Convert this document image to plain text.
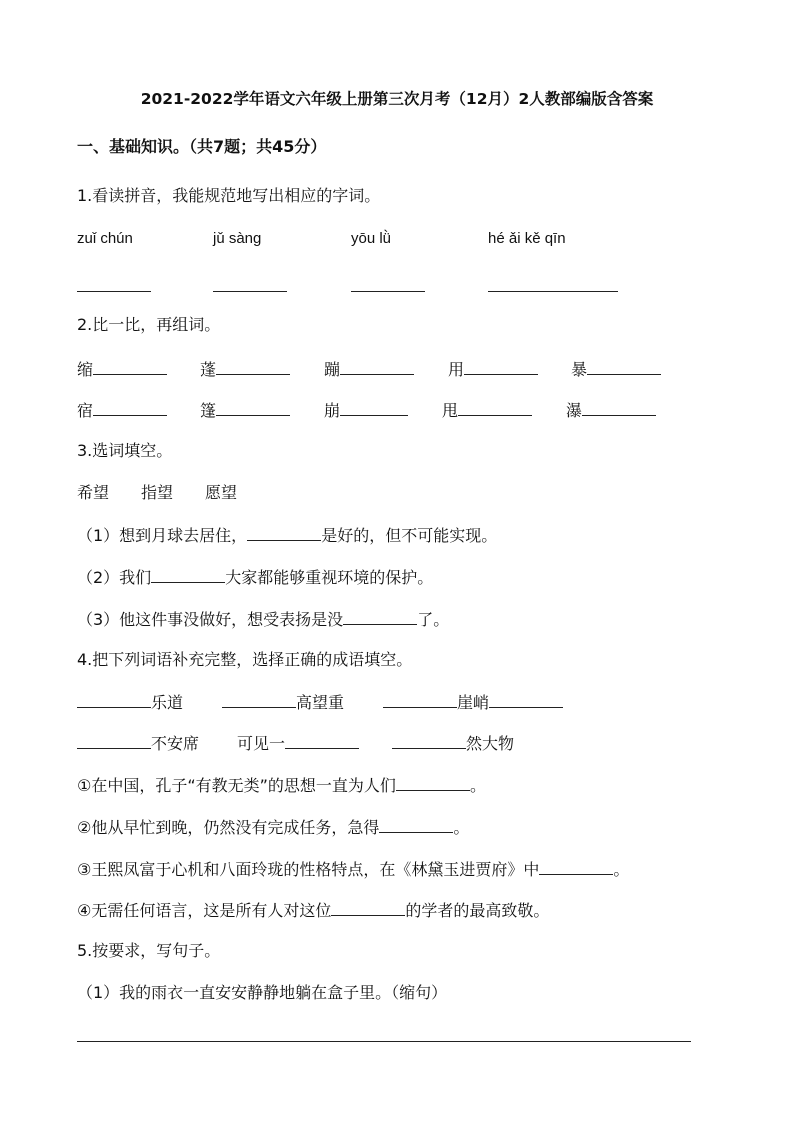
2021-2022学年语文六年级上册第三次月考（12月）2人教部编版含答案
一、基础知识。（共7题；共45分）
1.看读拼音，我能规范地写出相应的字词。
zuǐ chún	jǔ sàng	yōu lǜ	hé ǎi kě qīn
2.比一比，再组词。
缩	蓬	蹦	用	暴
宿	篷	崩	甩	瀑
3.选词填空。
希望　　指望　　愿望
（1）想到月球去居住，	是好的，但不可能实现。
（2）我们	大家都能够重视环境的保护。
（3）他这件事没做好，想受表扬是没	了。
4.把下列词语补充完整，选择正确的成语填空。
乐道	高望重	崖峭
不安席 可见一	然大物
①在中国，孔子“有教无类”的思想一直为人们	。
②他从早忙到晚，仍然没有完成任务，急得	。
③王熙凤富于心机和八面玲珑的性格特点，在《林黛玉进贾府》中	。
④无需任何语言，这是所有人对这位	的学者的最高致敬。
5.按要求，写句子。
（1）我的雨衣一直安安静静地躺在盒子里。（缩句）
